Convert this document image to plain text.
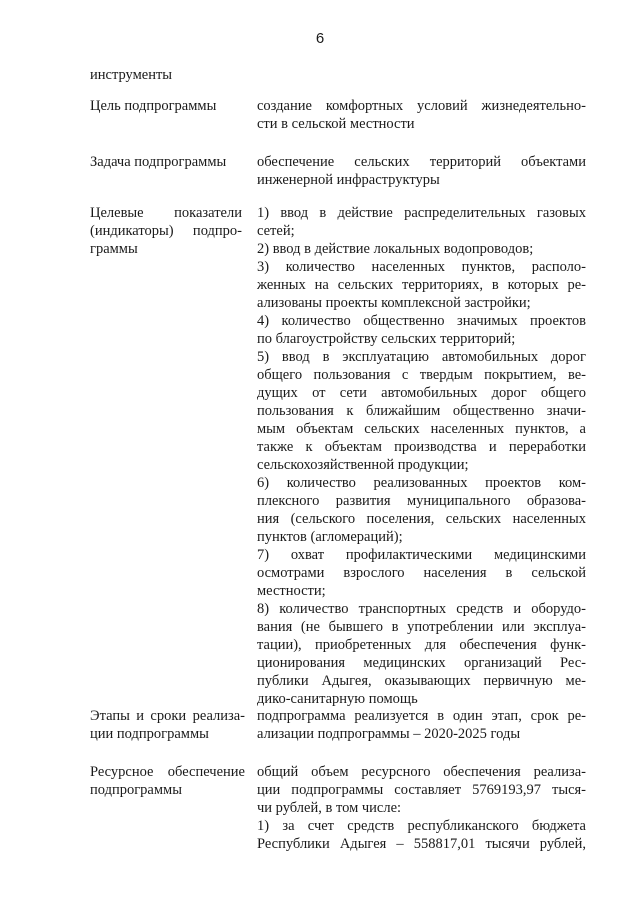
6
инструменты
Цель подпрограммы	создание комфортных условий жизнедеятельно-
сти в сельской местности
Задача подпрограммы обеспечение сельских территорий объектами
инженерной инфраструктуры
Целевые показатели
(индикаторы) подпро-
граммы
1) ввод в действие распределительных газовых
сетей;
2) ввод в действие локальных водопроводов;
3) количество населенных пунктов, располо-
женных на сельских территориях, в которых ре-
ализованы проекты комплексной застройки;
4) количество общественно значимых проектов
по благоустройству сельских территорий;
5) ввод в эксплуатацию автомобильных дорог
общего пользования с твердым покрытием, ве-
дущих от сети автомобильных дорог общего
пользования к ближайшим общественно значи-
мым объектам сельских населенных пунктов, а
также к объектам производства и переработки
сельскохозяйственной продукции;
6) количество реализованных проектов ком-
плексного развития муниципального образова-
ния (сельского поселения, сельских населенных
пунктов (агломераций);
7) охват профилактическими медицинскими
осмотрами взрослого населения в сельской
местности;
8) количество транспортных средств и оборудо-
вания (не бывшего в употреблении или эксплуа-
тации), приобретенных для обеспечения функ-
ционирования медицинских организаций Рес-
публики Адыгея, оказывающих первичную ме-
дико-санитарную помощь
Этапы и сроки реализа-
ции подпрограммы
подпрограмма реализуется в один этап, срок ре-
ализации подпрограммы – 2020-2025 годы
Ресурсное обеспечение
подпрограммы
общий объем ресурсного обеспечения реализа-
ции подпрограммы составляет 5769193,97 тыся-
чи рублей, в том числе:
1) за счет средств республиканского бюджета
Республики Адыгея – 558817,01 тысячи рублей,
